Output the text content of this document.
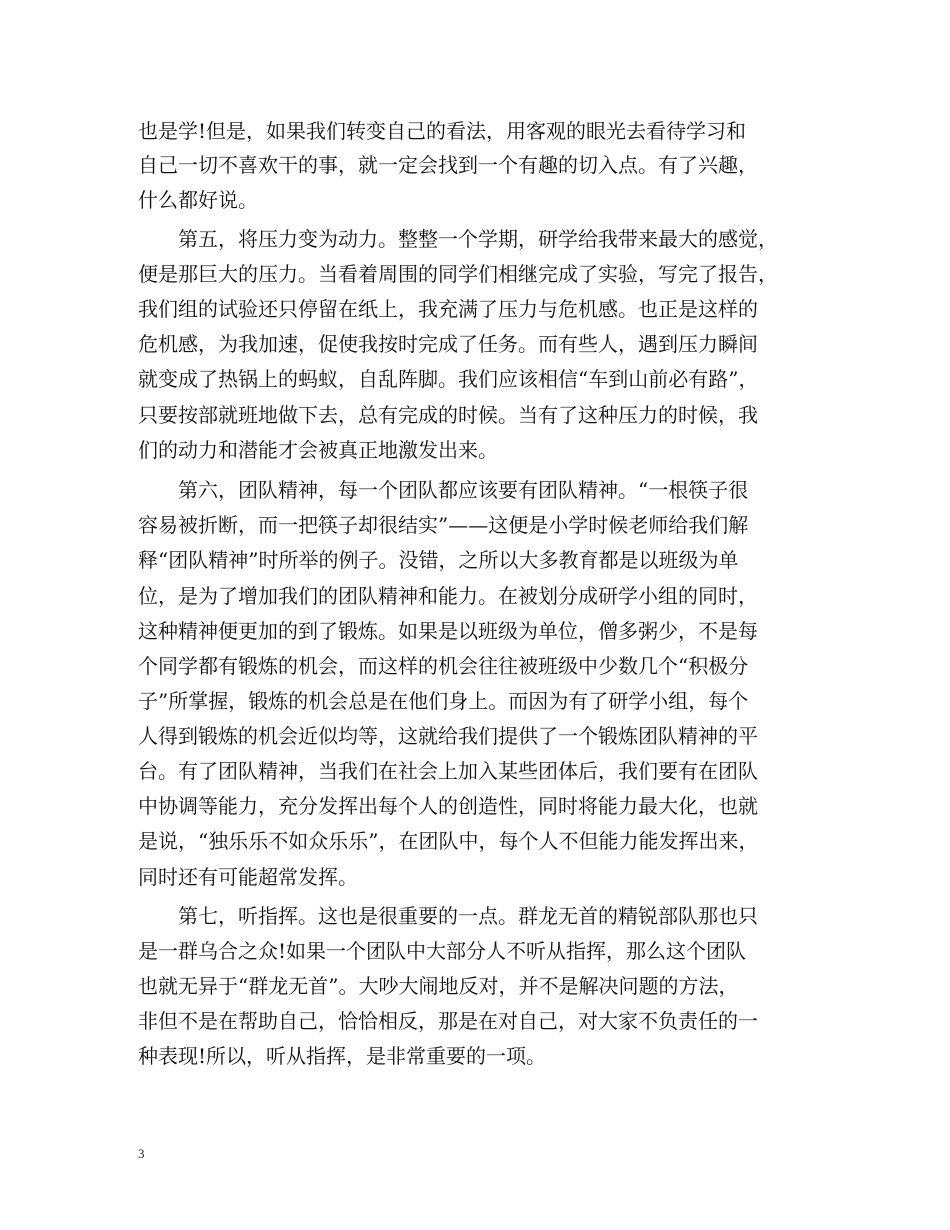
也是学!但是，如果我们转变自己的看法，用客观的眼光去看待学习和
自己一切不喜欢干的事，就一定会找到一个有趣的切入点。有了兴趣，
什么都好说。
　　第五，将压力变为动力。整整一个学期，研学给我带来最大的感觉，
便是那巨大的压力。当看着周围的同学们相继完成了实验，写完了报告，
我们组的试验还只停留在纸上，我充满了压力与危机感。也正是这样的
危机感，为我加速，促使我按时完成了任务。而有些人，遇到压力瞬间
就变成了热锅上的蚂蚁，自乱阵脚。我们应该相信“车到山前必有路”，
只要按部就班地做下去，总有完成的时候。当有了这种压力的时候，我
们的动力和潜能才会被真正地激发出来。
　　第六，团队精神，每一个团队都应该要有团队精神。“一根筷子很
容易被折断，而一把筷子却很结实”——这便是小学时候老师给我们解
释“团队精神”时所举的例子。没错，之所以大多教育都是以班级为单
位，是为了增加我们的团队精神和能力。在被划分成研学小组的同时，
这种精神便更加的到了锻炼。如果是以班级为单位，僧多粥少，不是每
个同学都有锻炼的机会，而这样的机会往往被班级中少数几个“积极分
子”所掌握，锻炼的机会总是在他们身上。而因为有了研学小组，每个
人得到锻炼的机会近似均等，这就给我们提供了一个锻炼团队精神的平
台。有了团队精神，当我们在社会上加入某些团体后，我们要有在团队
中协调等能力，充分发挥出每个人的创造性，同时将能力最大化，也就
是说，“独乐乐不如众乐乐”，在团队中，每个人不但能力能发挥出来，
同时还有可能超常发挥。
　　第七，听指挥。这也是很重要的一点。群龙无首的精锐部队那也只
是一群乌合之众!如果一个团队中大部分人不听从指挥，那么这个团队
也就无异于“群龙无首”。大吵大闹地反对，并不是解决问题的方法，
非但不是在帮助自己，恰恰相反，那是在对自己，对大家不负责任的一
种表现!所以，听从指挥，是非常重要的一项。
3
